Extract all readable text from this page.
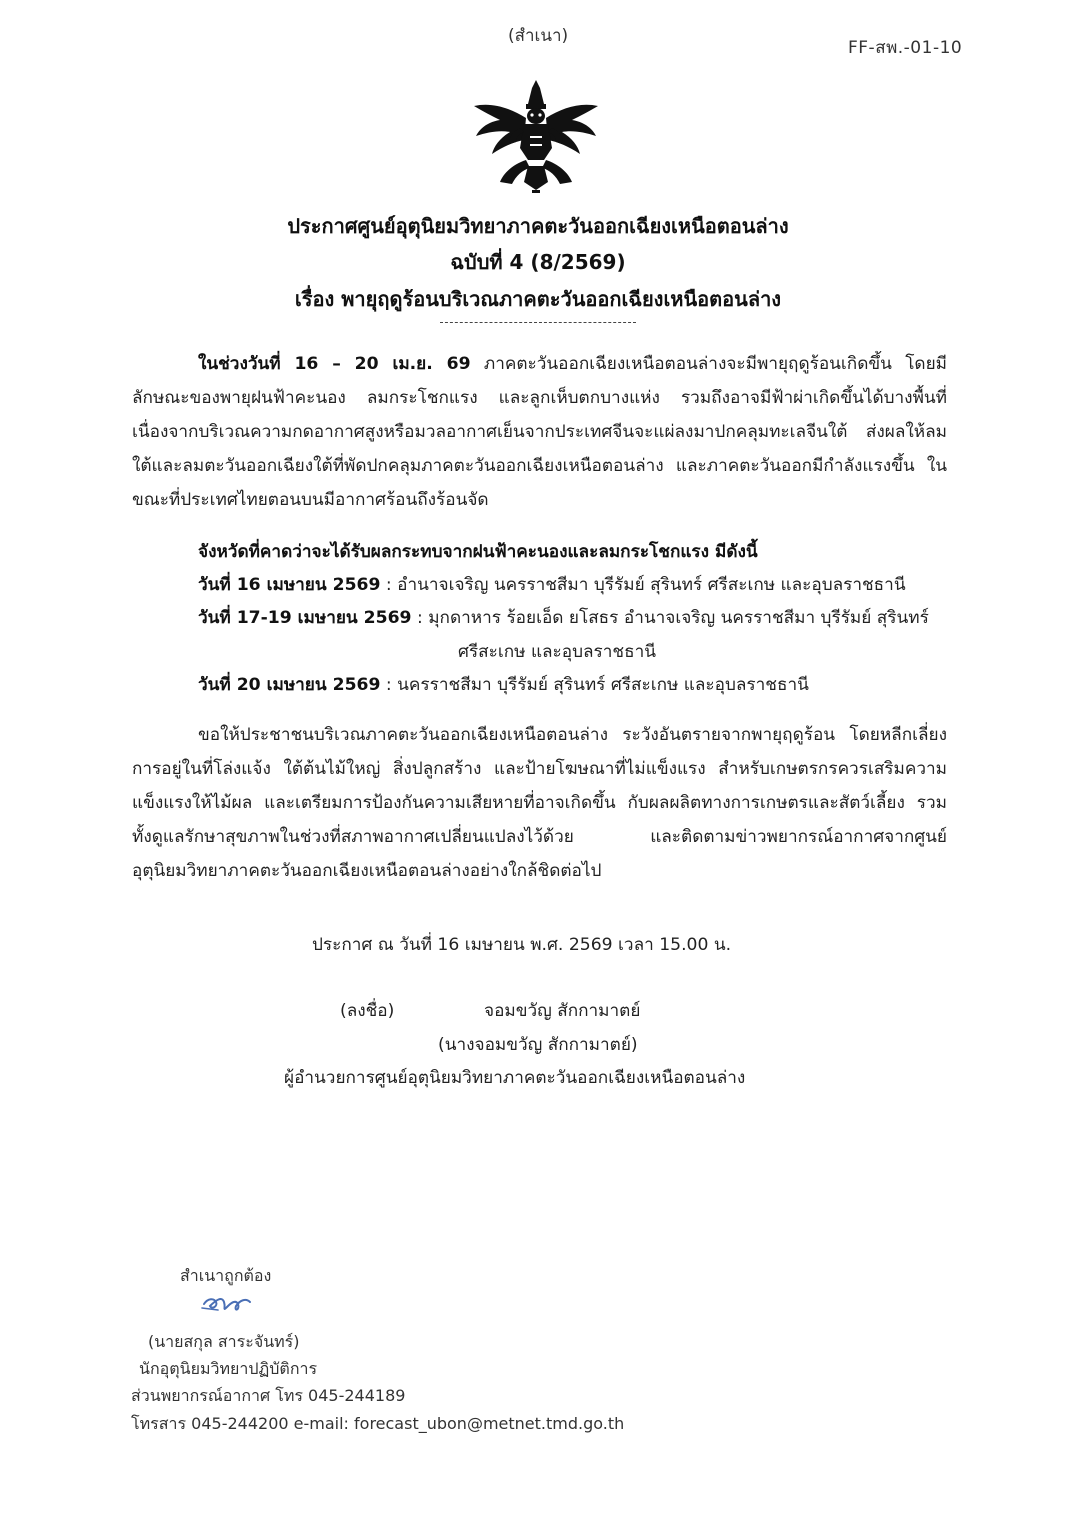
(สำเนา)
FF-สพ.-01-10
ประกาศศูนย์อุตุนิยมวิทยาภาคตะวันออกเฉียงเหนือตอนล่าง
ฉบับที่ 4 (8/2569)
เรื่อง พายุฤดูร้อนบริเวณภาคตะวันออกเฉียงเหนือตอนล่าง
ในช่วงวันที่ 16 – 20 เม.ย. 69 ภาคตะวันออกเฉียงเหนือตอนล่างจะมีพายุฤดูร้อนเกิดขึ้น โดยมีลักษณะของพายุฝนฟ้าคะนอง ลมกระโชกแรง และลูกเห็บตกบางแห่ง รวมถึงอาจมีฟ้าผ่าเกิดขึ้นได้บางพื้นที่ เนื่องจากบริเวณความกดอากาศสูงหรือมวลอากาศเย็นจากประเทศจีนจะแผ่ลงมาปกคลุมทะเลจีนใต้ ส่งผลให้ลมใต้และลมตะวันออกเฉียงใต้ที่พัดปกคลุมภาคตะวันออกเฉียงเหนือตอนล่าง และภาคตะวันออกมีกำลังแรงขึ้น ในขณะที่ประเทศไทยตอนบนมีอากาศร้อนถึงร้อนจัด
จังหวัดที่คาดว่าจะได้รับผลกระทบจากฝนฟ้าคะนองและลมกระโชกแรง มีดังนี้
วันที่ 16 เมษายน 2569 : อำนาจเจริญ นครราชสีมา บุรีรัมย์ สุรินทร์ ศรีสะเกษ และอุบลราชธานี
วันที่ 17-19 เมษายน 2569 : มุกดาหาร ร้อยเอ็ด ยโสธร อำนาจเจริญ นครราชสีมา บุรีรัมย์ สุรินทร์
ศรีสะเกษ และอุบลราชธานี
วันที่ 20 เมษายน 2569 : นครราชสีมา บุรีรัมย์ สุรินทร์ ศรีสะเกษ และอุบลราชธานี
ขอให้ประชาชนบริเวณภาคตะวันออกเฉียงเหนือตอนล่าง ระวังอันตรายจากพายุฤดูร้อน โดยหลีกเลี่ยงการอยู่ในที่โล่งแจ้ง ใต้ต้นไม้ใหญ่ สิ่งปลูกสร้าง และป้ายโฆษณาที่ไม่แข็งแรง สำหรับเกษตรกรควรเสริมความแข็งแรงให้ไม้ผล และเตรียมการป้องกันความเสียหายที่อาจเกิดขึ้น กับผลผลิตทางการเกษตรและสัตว์เลี้ยง รวมทั้งดูแลรักษาสุขภาพในช่วงที่สภาพอากาศเปลี่ยนแปลงไว้ด้วย และติดตามข่าวพยากรณ์อากาศจากศูนย์อุตุนิยมวิทยาภาคตะวันออกเฉียงเหนือตอนล่างอย่างใกล้ชิดต่อไป
ประกาศ ณ วันที่ 16 เมษายน พ.ศ. 2569 เวลา 15.00 น.
(ลงชื่อ)	จอมขวัญ สักกามาตย์
(นางจอมขวัญ สักกามาตย์)
ผู้อำนวยการศูนย์อุตุนิยมวิทยาภาคตะวันออกเฉียงเหนือตอนล่าง
สำเนาถูกต้อง
(นายสกุล สาระจันทร์)
นักอุตุนิยมวิทยาปฏิบัติการ
ส่วนพยากรณ์อากาศ โทร 045-244189
โทรสาร 045-244200 e-mail: forecast_ubon@metnet.tmd.go.th
